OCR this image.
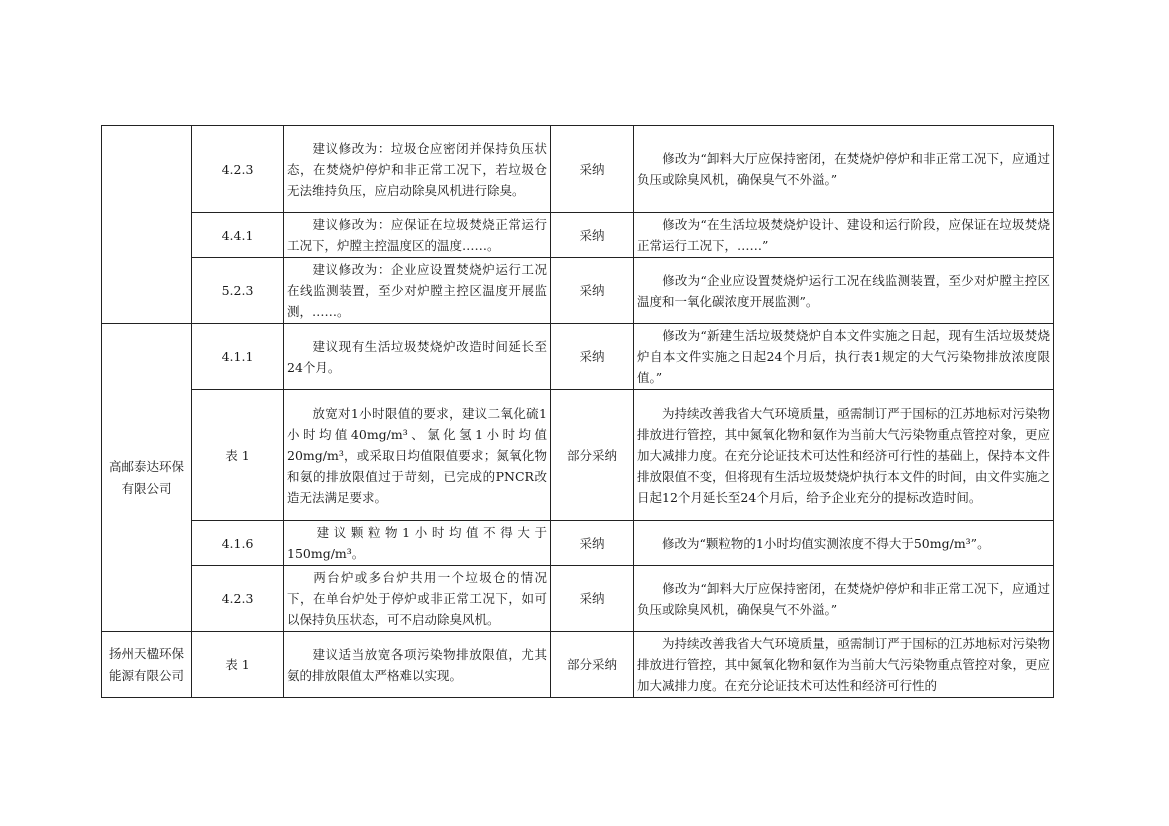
	4.2.3	建议修改为：垃圾仓应密闭并保持负压状态，在焚烧炉停炉和非正常工况下，若垃圾仓无法维持负压，应启动除臭风机进行除臭。	采纳	修改为“卸料大厅应保持密闭，在焚烧炉停炉和非正常工况下，应通过负压或除臭风机，确保臭气不外溢。”
	4.4.1	建议修改为：应保证在垃圾焚烧正常运行工况下，炉膛主控温度区的温度……。	采纳	修改为“在生活垃圾焚烧炉设计、建设和运行阶段，应保证在垃圾焚烧正常运行工况下，……”
	5.2.3	建议修改为：企业应设置焚烧炉运行工况在线监测装置，至少对炉膛主控区温度开展监测，……。	采纳	修改为“企业应设置焚烧炉运行工况在线监测装置，至少对炉膛主控区温度和一氧化碳浓度开展监测”。
高邮泰达环保有限公司	4.1.1	建议现有生活垃圾焚烧炉改造时间延长至24个月。	采纳	修改为“新建生活垃圾焚烧炉自本文件实施之日起，现有生活垃圾焚烧炉自本文件实施之日起24个月后，执行表1规定的大气污染物排放浓度限值。”
	表 1	放宽对1小时限值的要求，建议二氧化硫1小时均值40mg/m³、氯化氢1小时均值20mg/m³，或采取日均值限值要求；氮氧化物和氨的排放限值过于苛刻，已完成的PNCR改造无法满足要求。	部分采纳	为持续改善我省大气环境质量，亟需制订严于国标的江苏地标对污染物排放进行管控，其中氮氧化物和氨作为当前大气污染物重点管控对象，更应加大减排力度。在充分论证技术可达性和经济可行性的基础上，保持本文件排放限值不变，但将现有生活垃圾焚烧炉执行本文件的时间，由文件实施之日起12个月延长至24个月后，给予企业充分的提标改造时间。
	4.1.6	建议颗粒物1小时均值不得大于150mg/m³。	采纳	修改为“颗粒物的1小时均值实测浓度不得大于50mg/m³”。
	4.2.3	两台炉或多台炉共用一个垃圾仓的情况下，在单台炉处于停炉或非正常工况下，如可以保持负压状态，可不启动除臭风机。	采纳	修改为“卸料大厅应保持密闭，在焚烧炉停炉和非正常工况下，应通过负压或除臭风机，确保臭气不外溢。”
扬州天楹环保能源有限公司	表 1	建议适当放宽各项污染物排放限值，尤其氨的排放限值太严格难以实现。	部分采纳	为持续改善我省大气环境质量，亟需制订严于国标的江苏地标对污染物排放进行管控，其中氮氧化物和氨作为当前大气污染物重点管控对象，更应加大减排力度。在充分论证技术可达性和经济可行性的
